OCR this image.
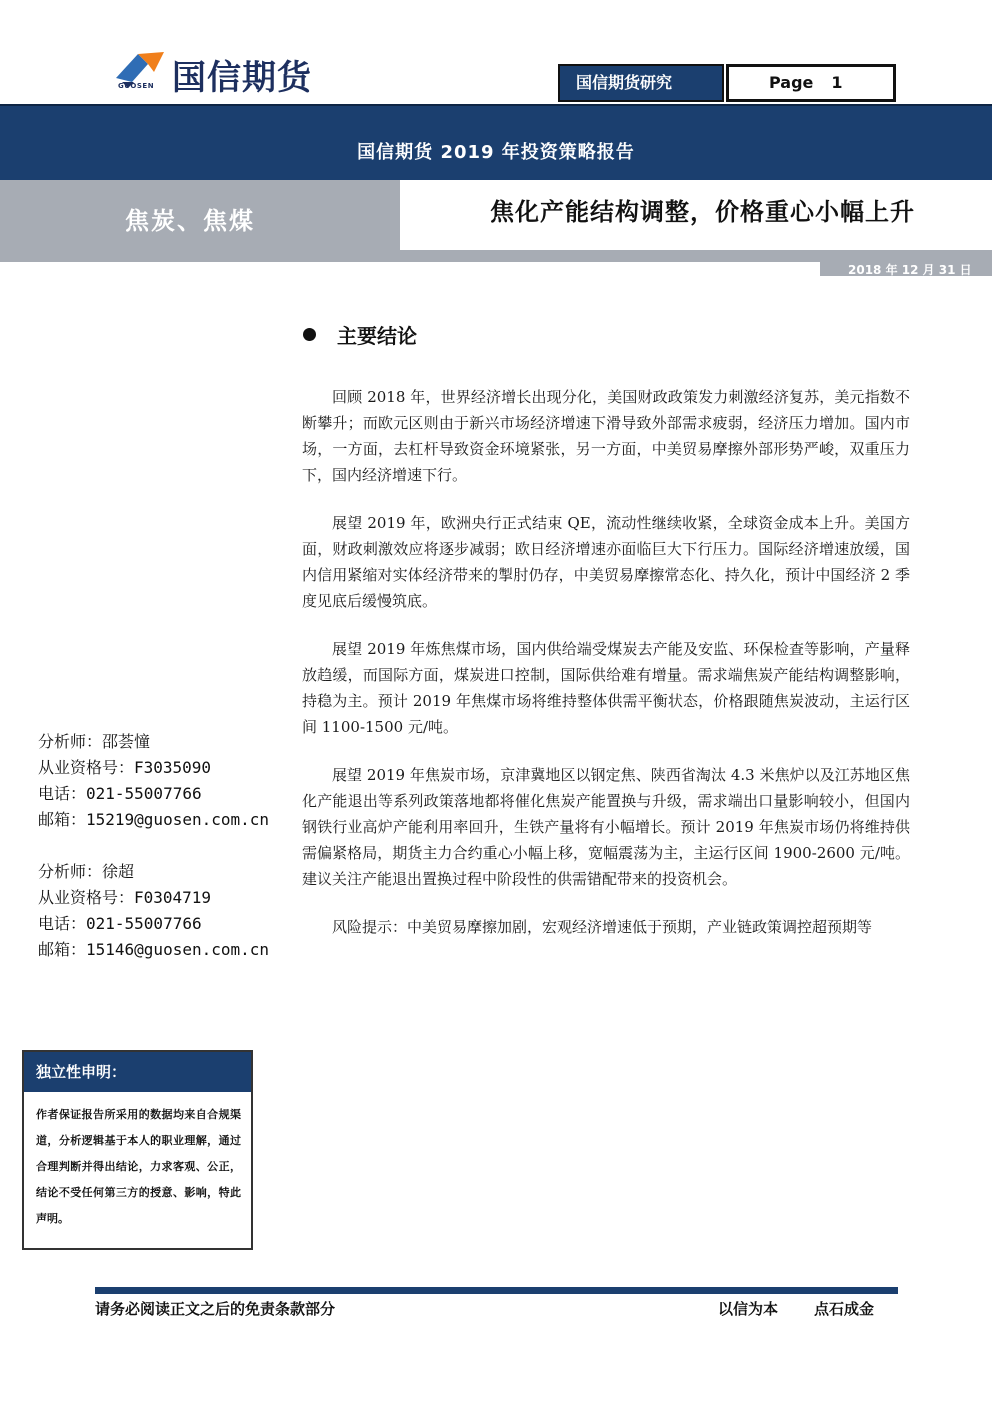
国信期货
GUOSEN	国信期货研究	Page 1
国信期货 2019 年投资策略报告
焦炭、焦煤	焦化产能结构调整，价格重心小幅上升
2018 年 12 月 31 日
主要结论

回顾 2018 年，世界经济增长出现分化，美国财政政策发力刺激经济复苏，美元指数不断攀升；而欧元区则由于新兴市场经济增速下滑导致外部需求疲弱，经济压力增加。国内市场，一方面，去杠杆导致资金环境紧张，另一方面，中美贸易摩擦外部形势严峻，双重压力下，国内经济增速下行。

展望 2019 年，欧洲央行正式结束 QE，流动性继续收紧，全球资金成本上升。美国方面，财政刺激效应将逐步减弱；欧日经济增速亦面临巨大下行压力。国际经济增速放缓，国内信用紧缩对实体经济带来的掣肘仍存，中美贸易摩擦常态化、持久化，预计中国经济 2 季度见底后缓慢筑底。

展望 2019 年炼焦煤市场，国内供给端受煤炭去产能及安监、环保检查等影响，产量释放趋缓，而国际方面，煤炭进口控制，国际供给难有增量。需求端焦炭产能结构调整影响，持稳为主。预计 2019 年焦煤市场将维持整体供需平衡状态，价格跟随焦炭波动，主运行区间 1100-1500 元/吨。

展望 2019 年焦炭市场，京津冀地区以钢定焦、陕西省淘汰 4.3 米焦炉以及江苏地区焦化产能退出等系列政策落地都将催化焦炭产能置换与升级，需求端出口量影响较小，但国内钢铁行业高炉产能利用率回升，生铁产量将有小幅增长。预计 2019 年焦炭市场仍将维持供需偏紧格局，期货主力合约重心小幅上移，宽幅震荡为主，主运行区间 1900-2600 元/吨。建议关注产能退出置换过程中阶段性的供需错配带来的投资机会。

风险提示：中美贸易摩擦加剧，宏观经济增速低于预期，产业链政策调控超预期等

分析师：邵荟憧
从业资格号：F3035090
电话：021-55007766
邮箱：15219@guosen.com.cn
分析师：徐超
从业资格号：F0304719
电话：021-55007766
邮箱：15146@guosen.com.cn
独立性申明：
作者保证报告所采用的数据均来自合规渠道，分析逻辑基于本人的职业理解，通过合理判断并得出结论，力求客观、公正，结论不受任何第三方的授意、影响，特此声明。
请务必阅读正文之后的免责条款部分	以信为本 点石成金
